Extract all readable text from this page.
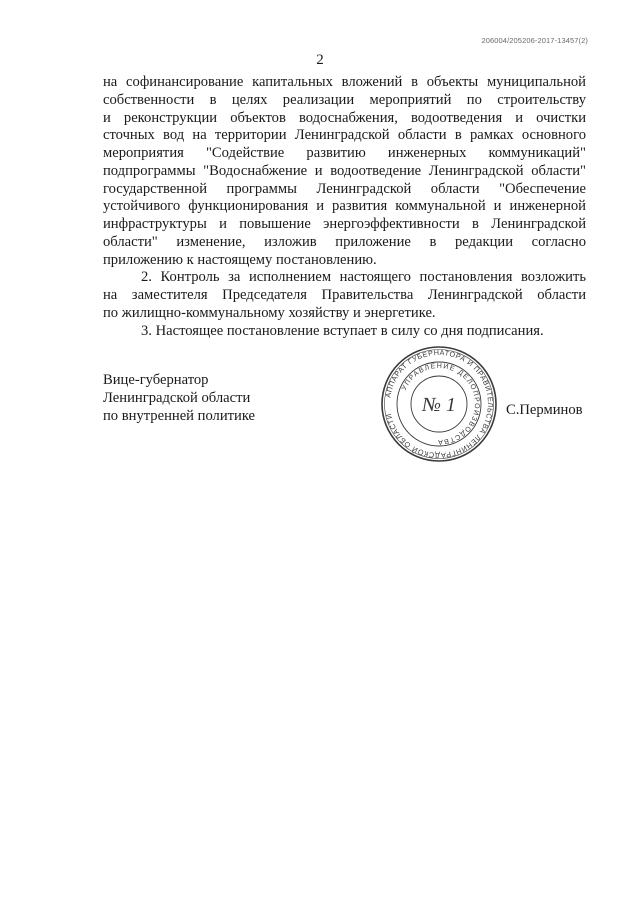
206004/205206-2017-13457(2)
2

на софинансирование капитальных вложений в объекты муниципальной
собственности в целях реализации мероприятий по строительству
и реконструкции объектов водоснабжения, водоотведения и очистки
сточных вод на территории Ленинградской области в рамках основного
мероприятия "Содействие развитию инженерных коммуникаций"
подпрограммы "Водоснабжение и водоотведение Ленинградской области"
государственной программы Ленинградской области "Обеспечение
устойчивого функционирования и развития коммунальной и инженерной
инфраструктуры и повышение энергоэффективности в Ленинградской
области" изменение, изложив приложение в редакции согласно
приложению к настоящему постановлению.

2. Контроль за исполнением настоящего постановления возложить
на заместителя Председателя Правительства Ленинградской области
по жилищно-коммунальному хозяйству и энергетике.

3. Настоящее постановление вступает в силу со дня подписания.

Вице-губернатор
Ленинградской области
по внутренней политике
АППАРАТ ГУБЕРНАТОРА И ПРАВИТЕЛЬСТВА ЛЕНИНГРАДСКОЙ ОБЛАСТИ
УПРАВЛЕНИЕ ДЕЛОПРОИЗВОДСТВА
№ 1	С.Перминов
